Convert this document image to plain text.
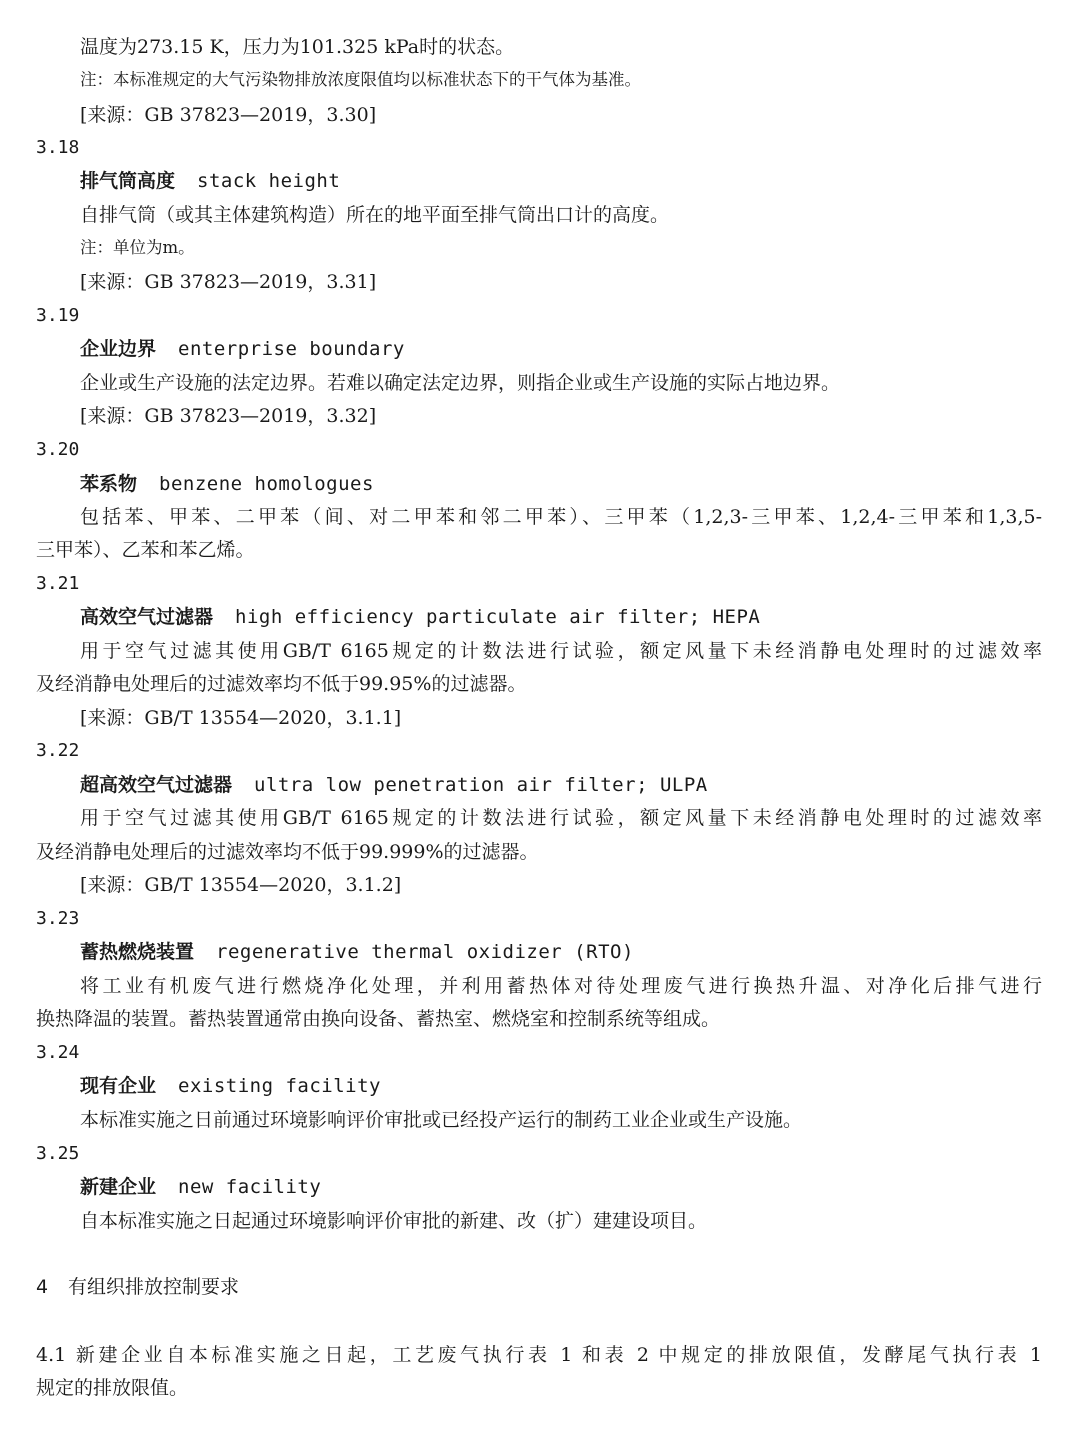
温度为273.15 K，压力为101.325 kPa时的状态。
注：本标准规定的大气污染物排放浓度限值均以标准状态下的干气体为基准。
[来源：GB 37823—2019，3.30]
3.18
排气筒高度 stack height
自排气筒（或其主体建筑构造）所在的地平面至排气筒出口计的高度。
注：单位为m。
[来源：GB 37823—2019，3.31]
3.19
企业边界 enterprise boundary
企业或生产设施的法定边界。若难以确定法定边界，则指企业或生产设施的实际占地边界。
[来源：GB 37823—2019，3.32]
3.20
苯系物 benzene homologues
包括苯、甲苯、二甲苯（间、对二甲苯和邻二甲苯）、三甲苯（1,2,3-三甲苯、1,2,4-三甲苯和1,3,5-
三甲苯）、乙苯和苯乙烯。
3.21
高效空气过滤器 high efficiency particulate air filter; HEPA
用于空气过滤其使用GB/T 6165规定的计数法进行试验，额定风量下未经消静电处理时的过滤效率
及经消静电处理后的过滤效率均不低于99.95%的过滤器。
[来源：GB/T 13554—2020，3.1.1]
3.22
超高效空气过滤器 ultra low penetration air filter; ULPA
用于空气过滤其使用GB/T 6165规定的计数法进行试验，额定风量下未经消静电处理时的过滤效率
及经消静电处理后的过滤效率均不低于99.999%的过滤器。
[来源：GB/T 13554—2020，3.1.2]
3.23
蓄热燃烧装置 regenerative thermal oxidizer (RTO)
将工业有机废气进行燃烧净化处理，并利用蓄热体对待处理废气进行换热升温、对净化后排气进行
换热降温的装置。蓄热装置通常由换向设备、蓄热室、燃烧室和控制系统等组成。
3.24
现有企业 existing facility
本标准实施之日前通过环境影响评价审批或已经投产运行的制药工业企业或生产设施。
3.25
新建企业 new facility
自本标准实施之日起通过环境影响评价审批的新建、改（扩）建建设项目。
4 有组织排放控制要求
4.1 新建企业自本标准实施之日起，工艺废气执行表 1 和表 2 中规定的排放限值，发酵尾气执行表 1
规定的排放限值。
